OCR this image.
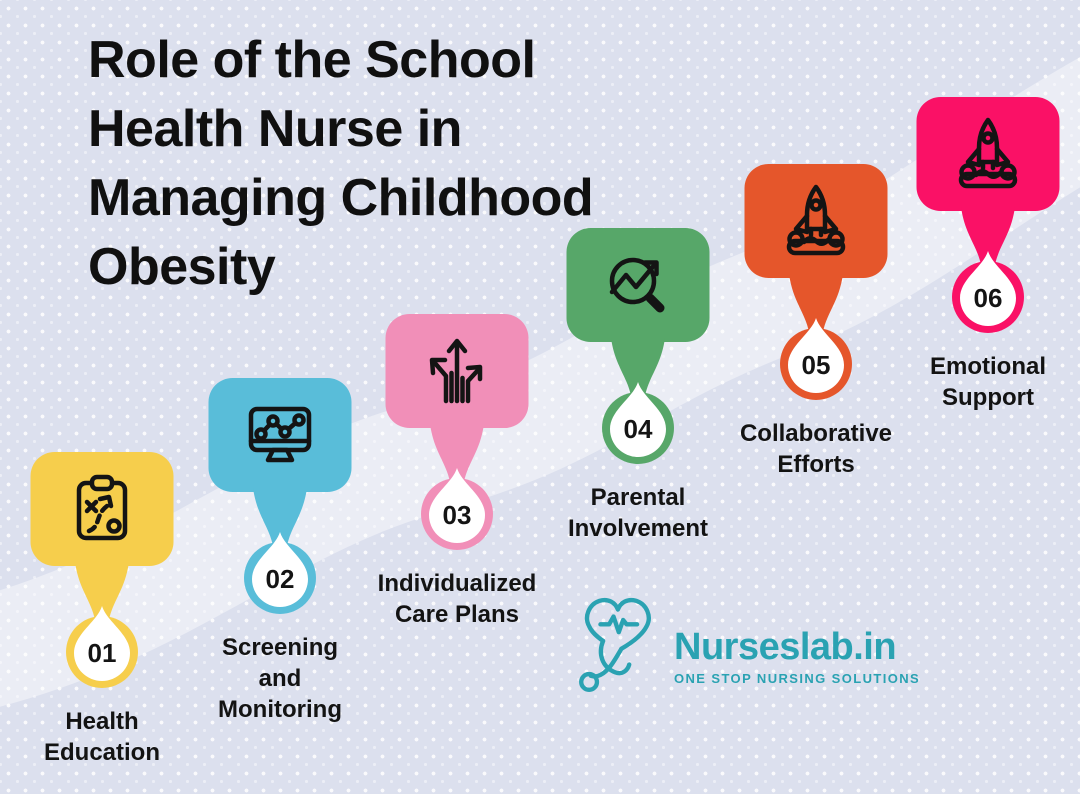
Role of the School
Health Nurse in
Managing Childhood
Obesity
01
Health
Education
02
Screening
and
Monitoring
03
Individualized
Care Plans
04
Parental
Involvement
05
Collaborative
Efforts
06
Emotional
Support
Nurseslab.in
ONE STOP NURSING SOLUTIONS
